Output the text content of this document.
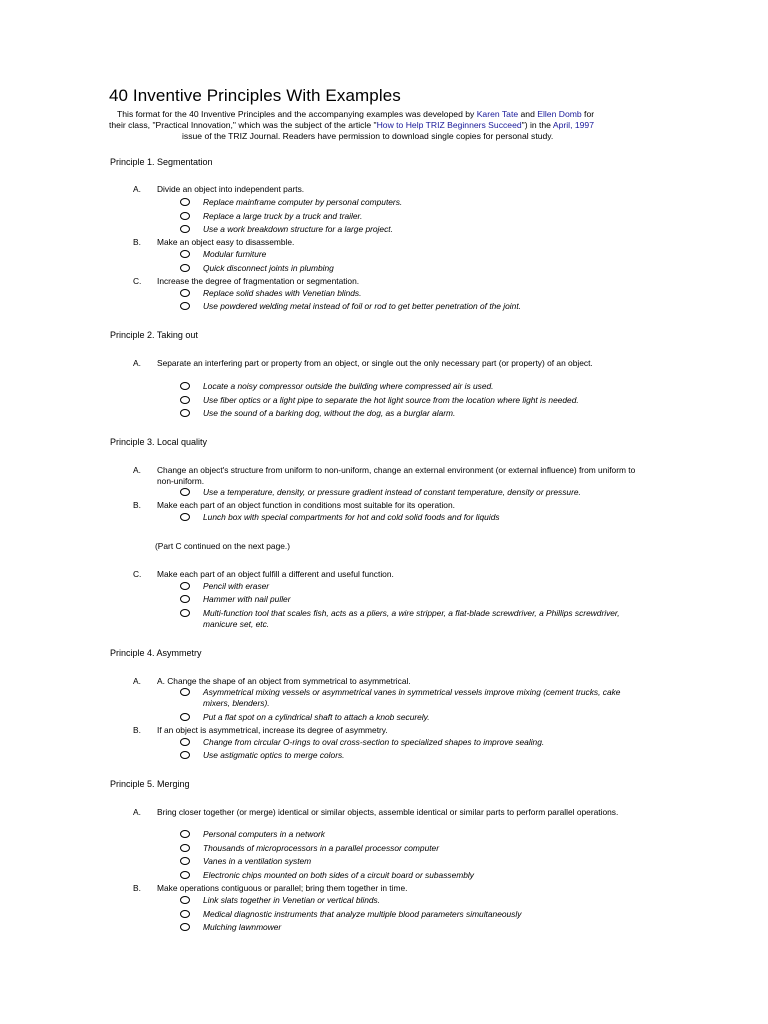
40 Inventive Principles With Examples
This format for the 40 Inventive Principles and the accompanying examples was developed by Karen Tate and Ellen Domb for
their class, "Practical Innovation," which was the subject of the article "How to Help TRIZ Beginners Succeed") in the April, 1997
issue of the TRIZ Journal. Readers have permission to download single copies for personal study.
Principle 1. Segmentation
A. Divide an object into independent parts.
Replace mainframe computer by personal computers.
Replace a large truck by a truck and trailer.
Use a work breakdown structure for a large project.
B. Make an object easy to disassemble.
Modular furniture
Quick disconnect joints in plumbing
C. Increase the degree of fragmentation or segmentation.
Replace solid shades with Venetian blinds.
Use powdered welding metal instead of foil or rod to get better penetration of the joint.
Principle 2. Taking out
A. Separate an interfering part or property from an object, or single out the only necessary part (or property) of an object.
Locate a noisy compressor outside the building where compressed air is used.
Use fiber optics or a light pipe to separate the hot light source from the location where light is needed.
Use the sound of a barking dog, without the dog, as a burglar alarm.
Principle 3. Local quality
A. Change an object's structure from uniform to non-uniform, change an external environment (or external influence) from uniform to non-uniform.
Use a temperature, density, or pressure gradient instead of constant temperature, density or pressure.
B. Make each part of an object function in conditions most suitable for its operation.
Lunch box with special compartments for hot and cold solid foods and for liquids
(Part C continued on the next page.)
C. Make each part of an object fulfill a different and useful function.
Pencil with eraser
Hammer with nail puller
Multi-function tool that scales fish, acts as a pliers, a wire stripper, a flat-blade screwdriver, a Phillips screwdriver, manicure set, etc.
Principle 4. Asymmetry
A. A. Change the shape of an object from symmetrical to asymmetrical.
Asymmetrical mixing vessels or asymmetrical vanes in symmetrical vessels improve mixing (cement trucks, cake mixers, blenders).
Put a flat spot on a cylindrical shaft to attach a knob securely.
B. If an object is asymmetrical, increase its degree of asymmetry.
Change from circular O-rings to oval cross-section to specialized shapes to improve sealing.
Use astigmatic optics to merge colors.
Principle 5. Merging
A. Bring closer together (or merge) identical or similar objects, assemble identical or similar parts to perform parallel operations.
Personal computers in a network
Thousands of microprocessors in a parallel processor computer
Vanes in a ventilation system
Electronic chips mounted on both sides of a circuit board or subassembly
B. Make operations contiguous or parallel; bring them together in time.
Link slats together in Venetian or vertical blinds.
Medical diagnostic instruments that analyze multiple blood parameters simultaneously
Mulching lawnmower
